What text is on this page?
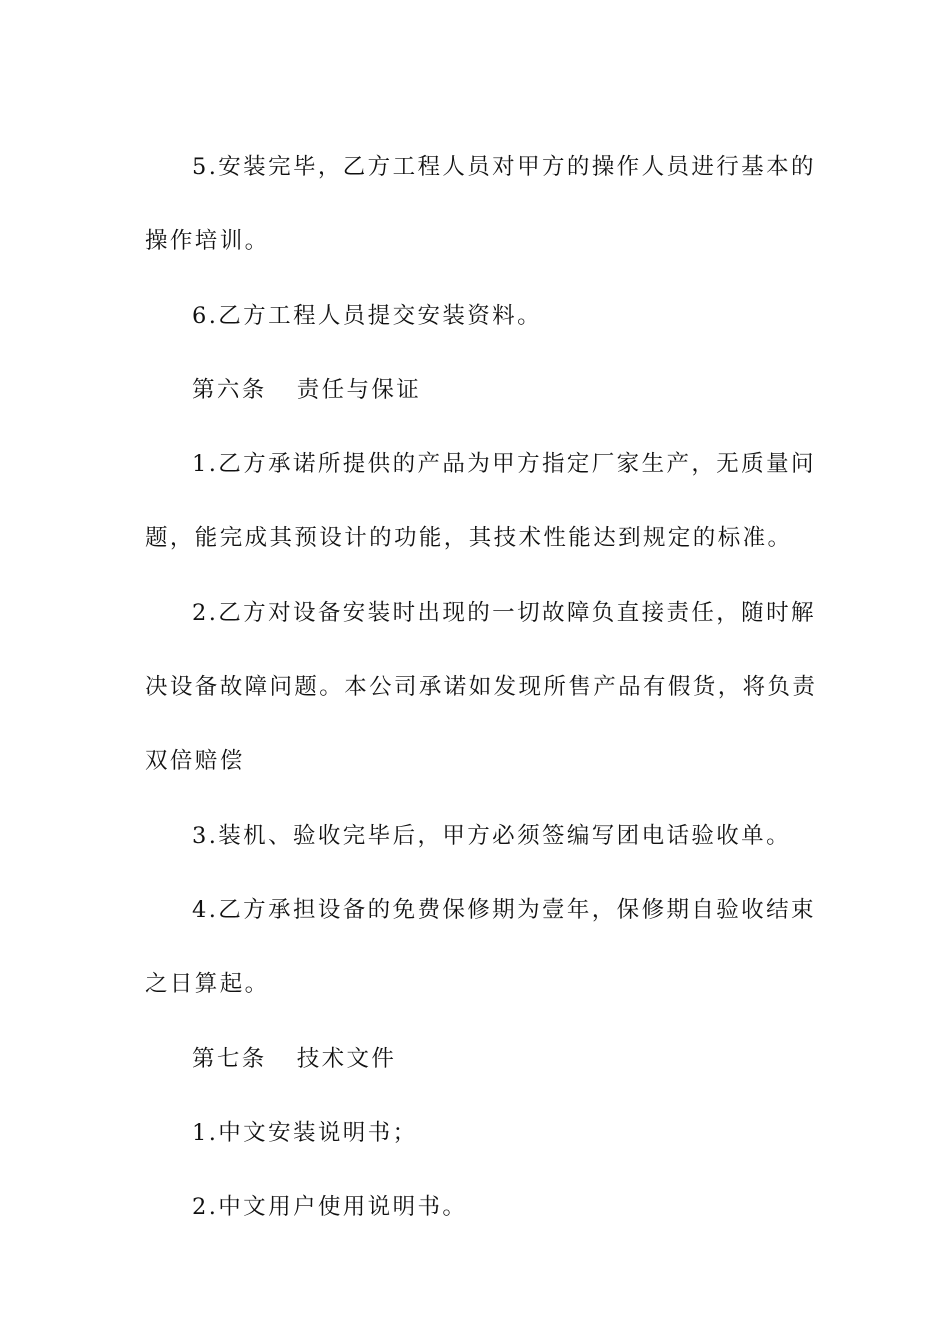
5.安装完毕，乙方工程人员对甲方的操作人员进行基本的
操作培训。
6.乙方工程人员提交安装资料。
第六条 责任与保证
1.乙方承诺所提供的产品为甲方指定厂家生产，无质量问
题，能完成其预设计的功能，其技术性能达到规定的标准。
2.乙方对设备安装时出现的一切故障负直接责任，随时解
决设备故障问题。本公司承诺如发现所售产品有假货，将负责
双倍赔偿
3.装机、验收完毕后，甲方必须签编写团电话验收单。
4.乙方承担设备的免费保修期为壹年，保修期自验收结束
之日算起。
第七条 技术文件
1.中文安装说明书；
2.中文用户使用说明书。
